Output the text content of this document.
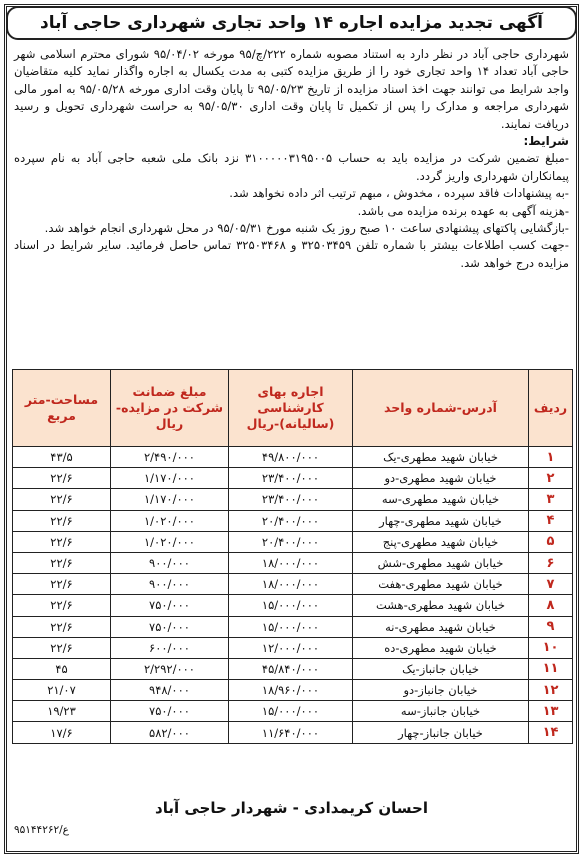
آگهی تجدید مزایده اجاره ۱۴ واحد تجاری شهرداری حاجی آباد

شهرداری حاجی آباد در نظر دارد به استناد مصوبه شماره ۲۲۲/چ/۹۵ مورخه ۹۵/۰۴/۰۲ شورای محترم اسلامی شهر حاجی آباد تعداد ۱۴ واحد تجاری خود را از طریق مزایده کتبی به مدت یکسال به اجاره واگذار نماید کلیه متقاضیان واجد شرایط می توانند جهت اخذ اسناد مزایده از تاریخ ۹۵/۰۵/۲۳ تا پایان وقت اداری مورخه ۹۵/۰۵/۲۸ به امور مالی شهرداری مراجعه و مدارک را پس از تکمیل تا پایان وقت اداری ۹۵/۰۵/۳۰ به حراست شهرداری تحویل و رسید دریافت نمایند.

شرایط:
-مبلغ تضمین شرکت در مزایده باید به حساب ۳۱۰۰۰۰۰۳۱۹۵۰۰۵ نزد بانک ملی شعبه حاجی آباد به نام سپرده پیمانکاران شهرداری واریز گردد.
-به پیشنهادات فاقد سپرده ، مخدوش ، مبهم ترتیب اثر داده نخواهد شد.
-هزینه آگهی به عهده برنده مزایده می باشد.
-بازگشایی پاکتهای پیشنهادی ساعت ۱۰ صبح روز یک شنبه مورخ ۹۵/۰۵/۳۱ در محل شهرداری انجام خواهد شد.
-جهت کسب اطلاعات بیشتر با شماره تلفن ۳۲۵۰۳۴۵۹ و ۳۲۵۰۳۴۶۸ تماس حاصل فرمائید. سایر شرایط در اسناد مزایده درج خواهد شد.
ردیف	آدرس-شماره واحد	اجاره بهای کارشناسی (سالیانه)-ریال	مبلغ ضمانت شرکت در مزایده-ریال	مساحت-متر مربع
۱	خیابان شهید مطهری-یک	۴۹/۸۰۰/۰۰۰	۲/۴۹۰/۰۰۰	۴۳/۵
۲	خیابان شهید مطهری-دو	۲۳/۴۰۰/۰۰۰	۱/۱۷۰/۰۰۰	۲۲/۶
۳	خیابان شهید مطهری-سه	۲۳/۴۰۰/۰۰۰	۱/۱۷۰/۰۰۰	۲۲/۶
۴	خیابان شهید مطهری-چهار	۲۰/۴۰۰/۰۰۰	۱/۰۲۰/۰۰۰	۲۲/۶
۵	خیابان شهید مطهری-پنج	۲۰/۴۰۰/۰۰۰	۱/۰۲۰/۰۰۰	۲۲/۶
۶	خیابان شهید مطهری-شش	۱۸/۰۰۰/۰۰۰	۹۰۰/۰۰۰	۲۲/۶
۷	خیابان شهید مطهری-هفت	۱۸/۰۰۰/۰۰۰	۹۰۰/۰۰۰	۲۲/۶
۸	خیابان شهید مطهری-هشت	۱۵/۰۰۰/۰۰۰	۷۵۰/۰۰۰	۲۲/۶
۹	خیابان شهید مطهری-نه	۱۵/۰۰۰/۰۰۰	۷۵۰/۰۰۰	۲۲/۶
۱۰	خیابان شهید مطهری-ده	۱۲/۰۰۰/۰۰۰	۶۰۰/۰۰۰	۲۲/۶
۱۱	خیابان جانباز-یک	۴۵/۸۴۰/۰۰۰	۲/۲۹۲/۰۰۰	۴۵
۱۲	خیابان جانباز-دو	۱۸/۹۶۰/۰۰۰	۹۴۸/۰۰۰	۲۱/۰۷
۱۳	خیابان جانباز-سه	۱۵/۰۰۰/۰۰۰	۷۵۰/۰۰۰	۱۹/۲۳
۱۴	خیابان جانباز-چهار	۱۱/۶۴۰/۰۰۰	۵۸۲/۰۰۰	۱۷/۶
احسان کریمدادی - شهردار حاجی آباد
ع/۹۵۱۴۴۲۶۲
